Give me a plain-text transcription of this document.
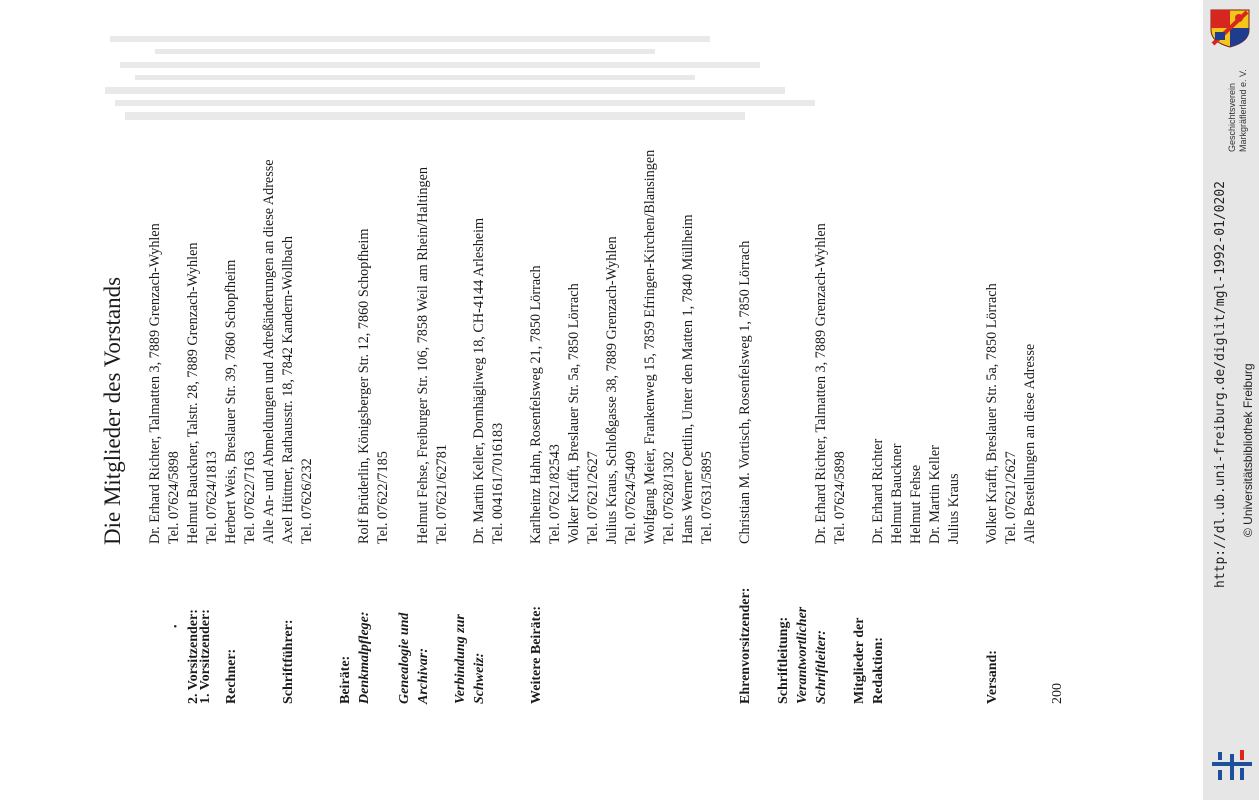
Die Mitglieder des Vorstands
1. Vorsitzender:
•
Dr. Erhard Richter, Talmatten 3, 7889 Grenzach-Wyhlen Tel. 07624/5898
2. Vorsitzender:
Helmut Bauckner, Talstr. 28, 7889 Grenzach-Wyhlen Tel. 07624/1813
Rechner:
Herbert Weis, Breslauer Str. 39, 7860 Schopfheim Tel. 07622/7163 Alle An- und Abmeldungen und Adreßänderungen an diese Adresse
Schriftführer:
Axel Hüttner, Rathausstr. 18, 7842 Kandern-Wollbach Tel. 07626/232
Beiräte: Denkmalpflege:
Rolf Brüderlin, Königsberger Str. 12, 7860 Schopfheim Tel. 07622/7185
Genealogie und Archivar:
Helmut Fehse, Freiburger Str. 106, 7858 Weil am Rhein/Haltingen Tel. 07621/62781
Verbindung zur Schweiz:
Dr. Martin Keller, Dornhägliweg 18, CH-4144 Arlesheim Tel. 004161/7016183
Weitere Beiräte:
Karlheinz Hahn, Rosenfelsweg 21, 7850 Lörrach Tel. 07621/82543 Volker Krafft, Breslauer Str. 5a, 7850 Lörrach Tel. 07621/2627 Julius Kraus, Schloßgasse 38, 7889 Grenzach-Wyhlen Tel. 07624/5409 Wolfgang Meier, Frankenweg 15, 7859 Efringen-Kirchen/Blansingen Tel. 07628/1302 Hans Werner Oettlin, Unter den Matten 1, 7840 Müllheim Tel. 07631/5895
Ehrenvorsitzender:
Christian M. Vortisch, Rosenfelsweg 1, 7850 Lörrach
Schriftleitung: Verantwortlicher Schriftleiter:
Dr. Erhard Richter, Talmatten 3, 7889 Grenzach-Wyhlen Tel. 07624/5898
Mitglieder der Redaktion:
Dr. Erhard Richter Helmut Bauckner Helmut Fehse Dr. Martin Keller Julius Kraus
Versand:
Volker Krafft, Breslauer Str. 5a, 7850 Lörrach Tel. 07621/2627 Alle Bestellungen an diese Adresse
200
Geschichtsverein Markgräflerland e. V.
http://dl.ub.uni-freiburg.de/diglit/mgl-1992-01/0202 © Universitätsbibliothek Freiburg
